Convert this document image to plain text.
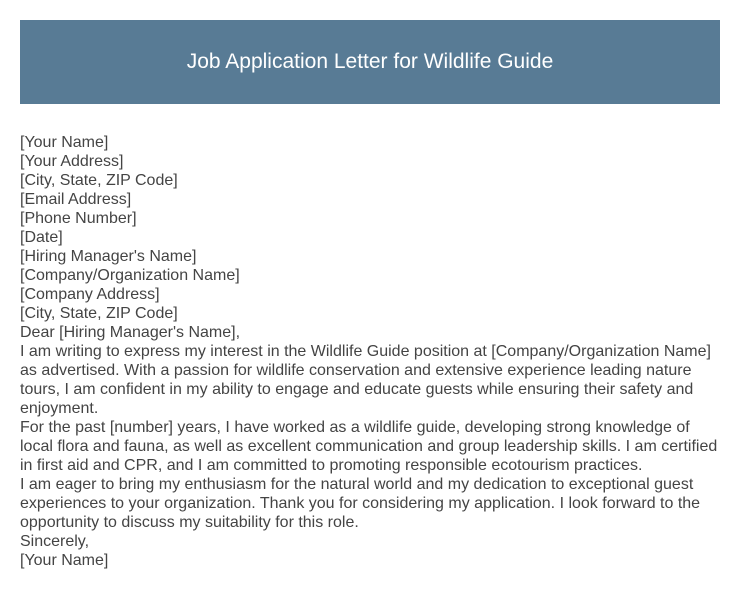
Job Application Letter for Wildlife Guide
[Your Name]
[Your Address]
[City, State, ZIP Code]
[Email Address]
[Phone Number]
[Date]
[Hiring Manager's Name]
[Company/Organization Name]
[Company Address]
[City, State, ZIP Code]
Dear [Hiring Manager's Name],

I am writing to express my interest in the Wildlife Guide position at [Company/Organization Name]
as advertised. With a passion for wildlife conservation and extensive experience leading nature
tours, I am confident in my ability to engage and educate guests while ensuring their safety and
enjoyment.

For the past [number] years, I have worked as a wildlife guide, developing strong knowledge of
local flora and fauna, as well as excellent communication and group leadership skills. I am certified
in first aid and CPR, and I am committed to promoting responsible ecotourism practices.

I am eager to bring my enthusiasm for the natural world and my dedication to exceptional guest
experiences to your organization. Thank you for considering my application. I look forward to the
opportunity to discuss my suitability for this role.

Sincerely,
[Your Name]
